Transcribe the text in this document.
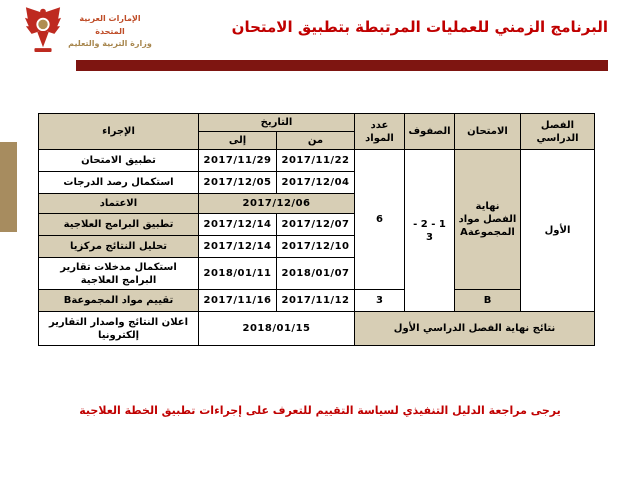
الإمارات العربية المتحدة
وزارة التربية والتعليم
البرنامج الزمني للعمليات المرتبطة بتطبيق الامتحان
الفصل الدراسي	الامتحان	الصفوف	عدد المواد	التاريخ		الإجراء
				من	إلى	
الأول	نهاية الفصل مواد المجموعةA	1 - 2 - 3	6	2017/11/22	2017/11/29	تطبيق الامتحان
				2017/12/04	2017/12/05	استكمال رصد الدرجات
				2017/12/06		الاعتماد
				2017/12/07	2017/12/14	تطبيق البرامج العلاجية
				2017/12/10	2017/12/14	تحليل النتائج مركزيا
				2018/01/07	2018/01/11	استكمال مدخلات تقارير البرامج العلاجية
	B		3	2017/11/12	2017/11/16	تقييم مواد المجموعةB
نتائج نهاية الفصل الدراسي الأول				2018/01/15		اعلان النتائج واصدار التقارير إلكترونيا
يرجى مراجعة الدليل التنفيذي لسياسة التقييم للتعرف على إجراءات تطبيق الخطة العلاجية
